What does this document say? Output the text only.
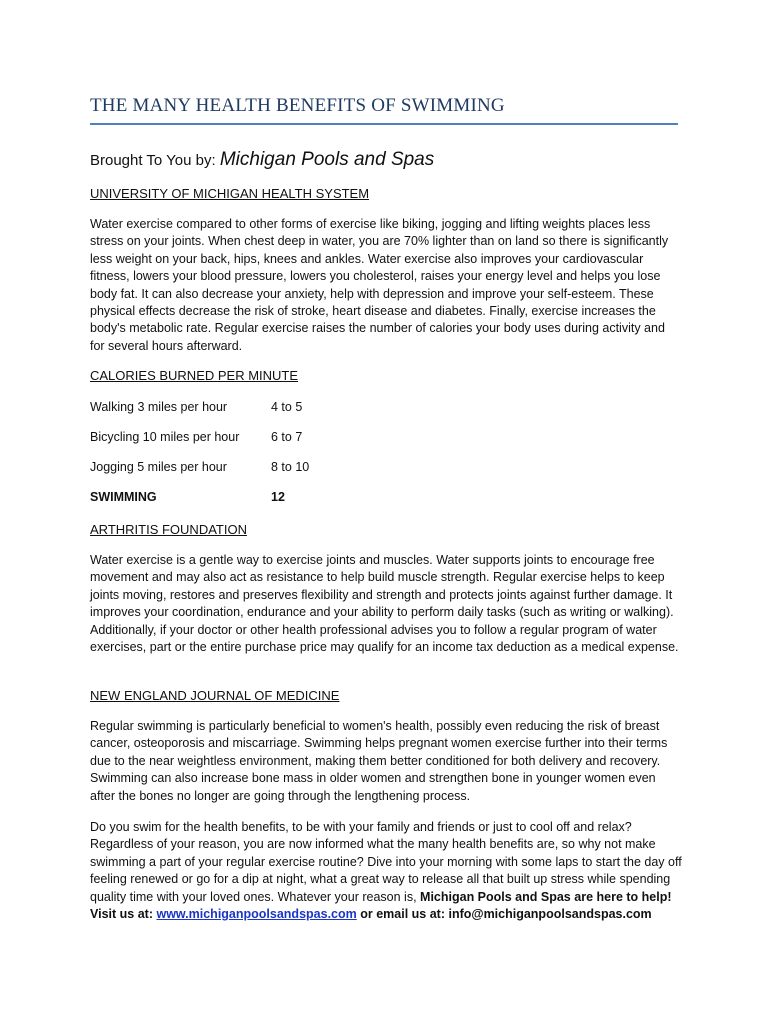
THE MANY HEALTH BENEFITS OF SWIMMING
Brought To You by: Michigan Pools and Spas
UNIVERSITY OF MICHIGAN HEALTH SYSTEM

Water exercise compared to other forms of exercise like biking, jogging and lifting weights places less stress on your joints. When chest deep in water, you are 70% lighter than on land so there is significantly less weight on your back, hips, knees and ankles. Water exercise also improves your cardiovascular fitness, lowers your blood pressure, lowers you cholesterol, raises your energy level and helps you lose body fat. It can also decrease your anxiety, help with depression and improve your self-esteem. These physical effects decrease the risk of stroke, heart disease and diabetes. Finally, exercise increases the body's metabolic rate. Regular exercise raises the number of calories your body uses during activity and for several hours afterward.

CALORIES BURNED PER MINUTE
Walking 3 miles per hour	4 to 5
Bicycling 10 miles per hour	6 to 7
Jogging 5 miles per hour	8 to 10
SWIMMING	12
ARTHRITIS FOUNDATION

Water exercise is a gentle way to exercise joints and muscles. Water supports joints to encourage free movement and may also act as resistance to help build muscle strength. Regular exercise helps to keep joints moving, restores and preserves flexibility and strength and protects joints against further damage. It improves your coordination, endurance and your ability to perform daily tasks (such as writing or walking). Additionally, if your doctor or other health professional advises you to follow a regular program of water exercises, part or the entire purchase price may qualify for an income tax deduction as a medical expense.

NEW ENGLAND JOURNAL OF MEDICINE

Regular swimming is particularly beneficial to women's health, possibly even reducing the risk of breast cancer, osteoporosis and miscarriage. Swimming helps pregnant women exercise further into their terms due to the near weightless environment, making them better conditioned for both delivery and recovery. Swimming can also increase bone mass in older women and strengthen bone in younger women even after the bones no longer are going through the lengthening process.

Do you swim for the health benefits, to be with your family and friends or just to cool off and relax? Regardless of your reason, you are now informed what the many health benefits are, so why not make swimming a part of your regular exercise routine? Dive into your morning with some laps to start the day off feeling renewed or go for a dip at night, what a great way to release all that built up stress while spending quality time with your loved ones. Whatever your reason is, Michigan Pools and Spas are here to help! Visit us at: www.michiganpoolsandspas.com or email us at: info@michiganpoolsandspas.com
